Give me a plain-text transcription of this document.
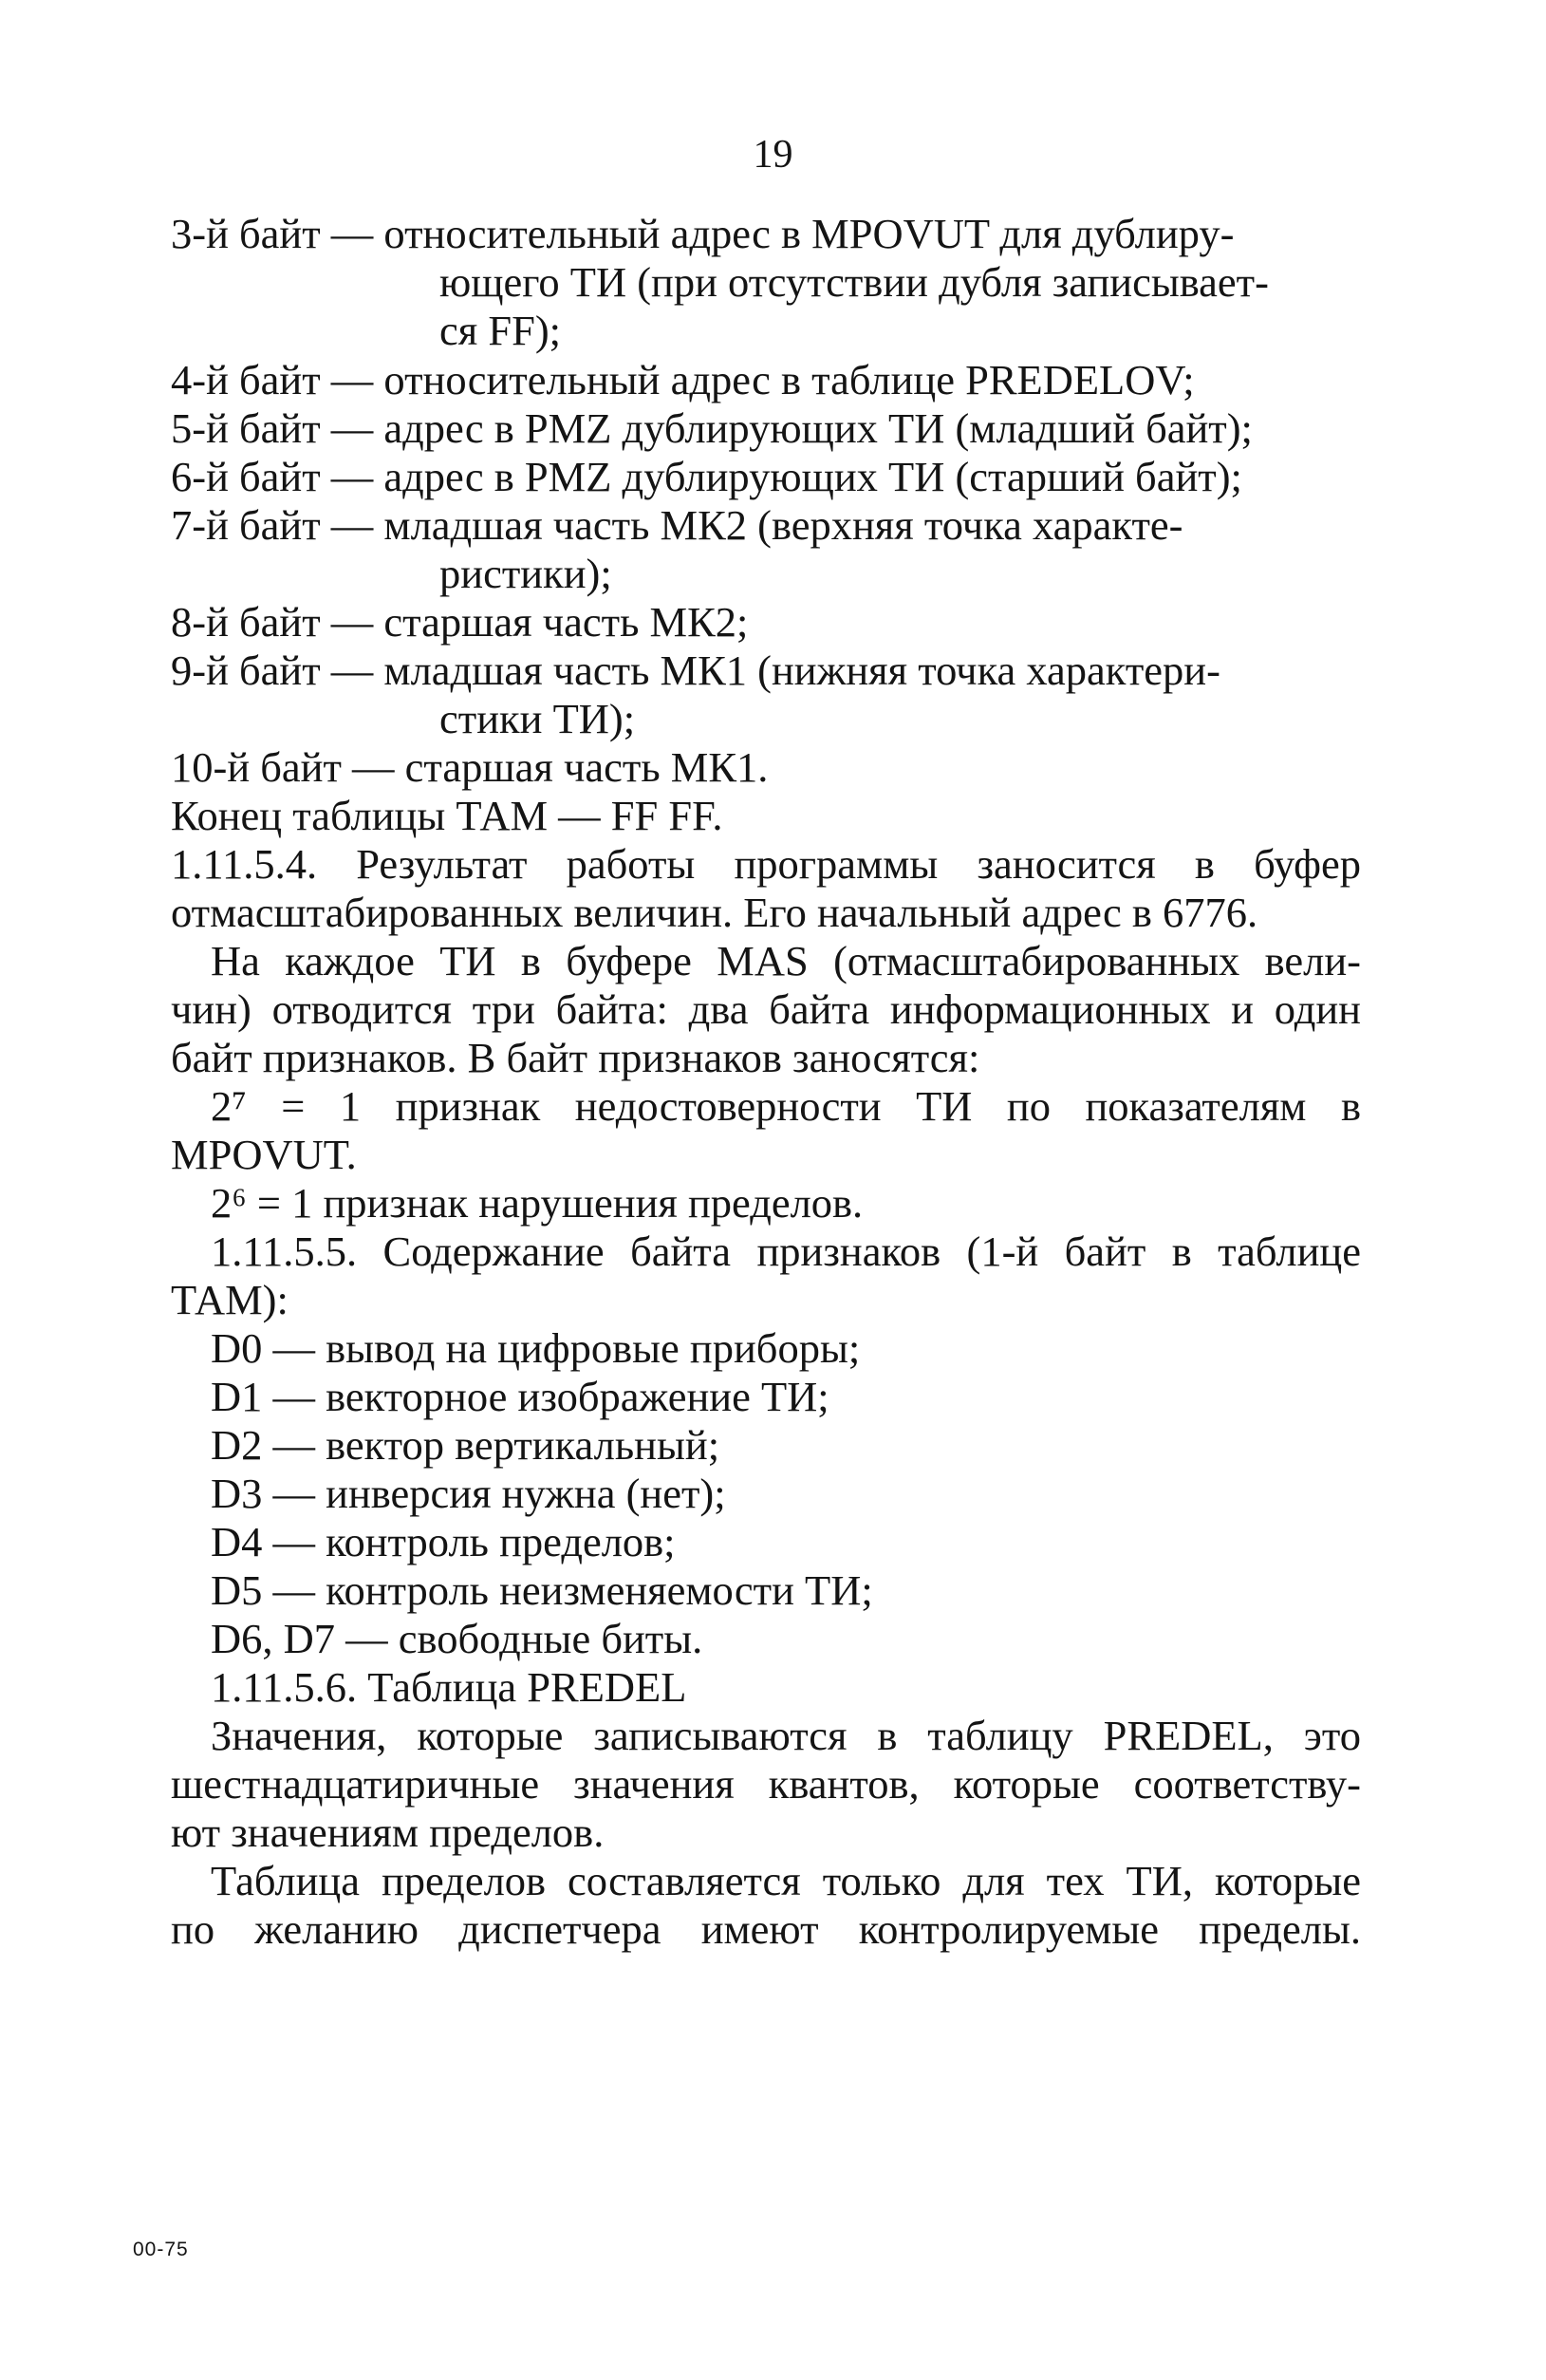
19
3-й байт — относительный адрес в MPOVUT для дублиру-
ющего ТИ (при отсутствии дубля записывает-
ся FF);
4-й байт — относительный адрес в таблице PREDELOV;
5-й байт — адрес в PMZ дублирующих ТИ (младший байт);
6-й байт — адрес в PMZ дублирующих ТИ (старший байт);
7-й байт — младшая часть МК2 (верхняя точка характе-
ристики);
8-й байт — старшая часть МК2;
9-й байт — младшая часть МК1 (нижняя точка характери-
стики ТИ);
10-й байт — старшая часть МК1.
Конец таблицы ТАМ — FF FF.
1.11.5.4. Результат работы программы заносится в буфер
отмасштабированных величин. Его начальный адрес в 6776.
На каждое ТИ в буфере MAS (отмасштабированных вели-
чин) отводится три байта: два байта информационных и один
байт признаков. В байт признаков заносятся:
2⁷ = 1 признак недостоверности ТИ по показателям в
MPOVUT.
2⁶ = 1 признак нарушения пределов.
1.11.5.5. Содержание байта признаков (1-й байт в таблице
ТАМ):
D0 — вывод на цифровые приборы;
D1 — векторное изображение ТИ;
D2 — вектор вертикальный;
D3 — инверсия нужна (нет);
D4 — контроль пределов;
D5 — контроль неизменяемости ТИ;
D6, D7 — свободные биты.
1.11.5.6. Таблица PREDEL
Значения, которые записываются в таблицу PREDEL, это
шестнадцатиричные значения квантов, которые соответству-
ют значениям пределов.
Таблица пределов составляется только для тех ТИ, которые
по желанию диспетчера имеют контролируемые пределы.
00-75
